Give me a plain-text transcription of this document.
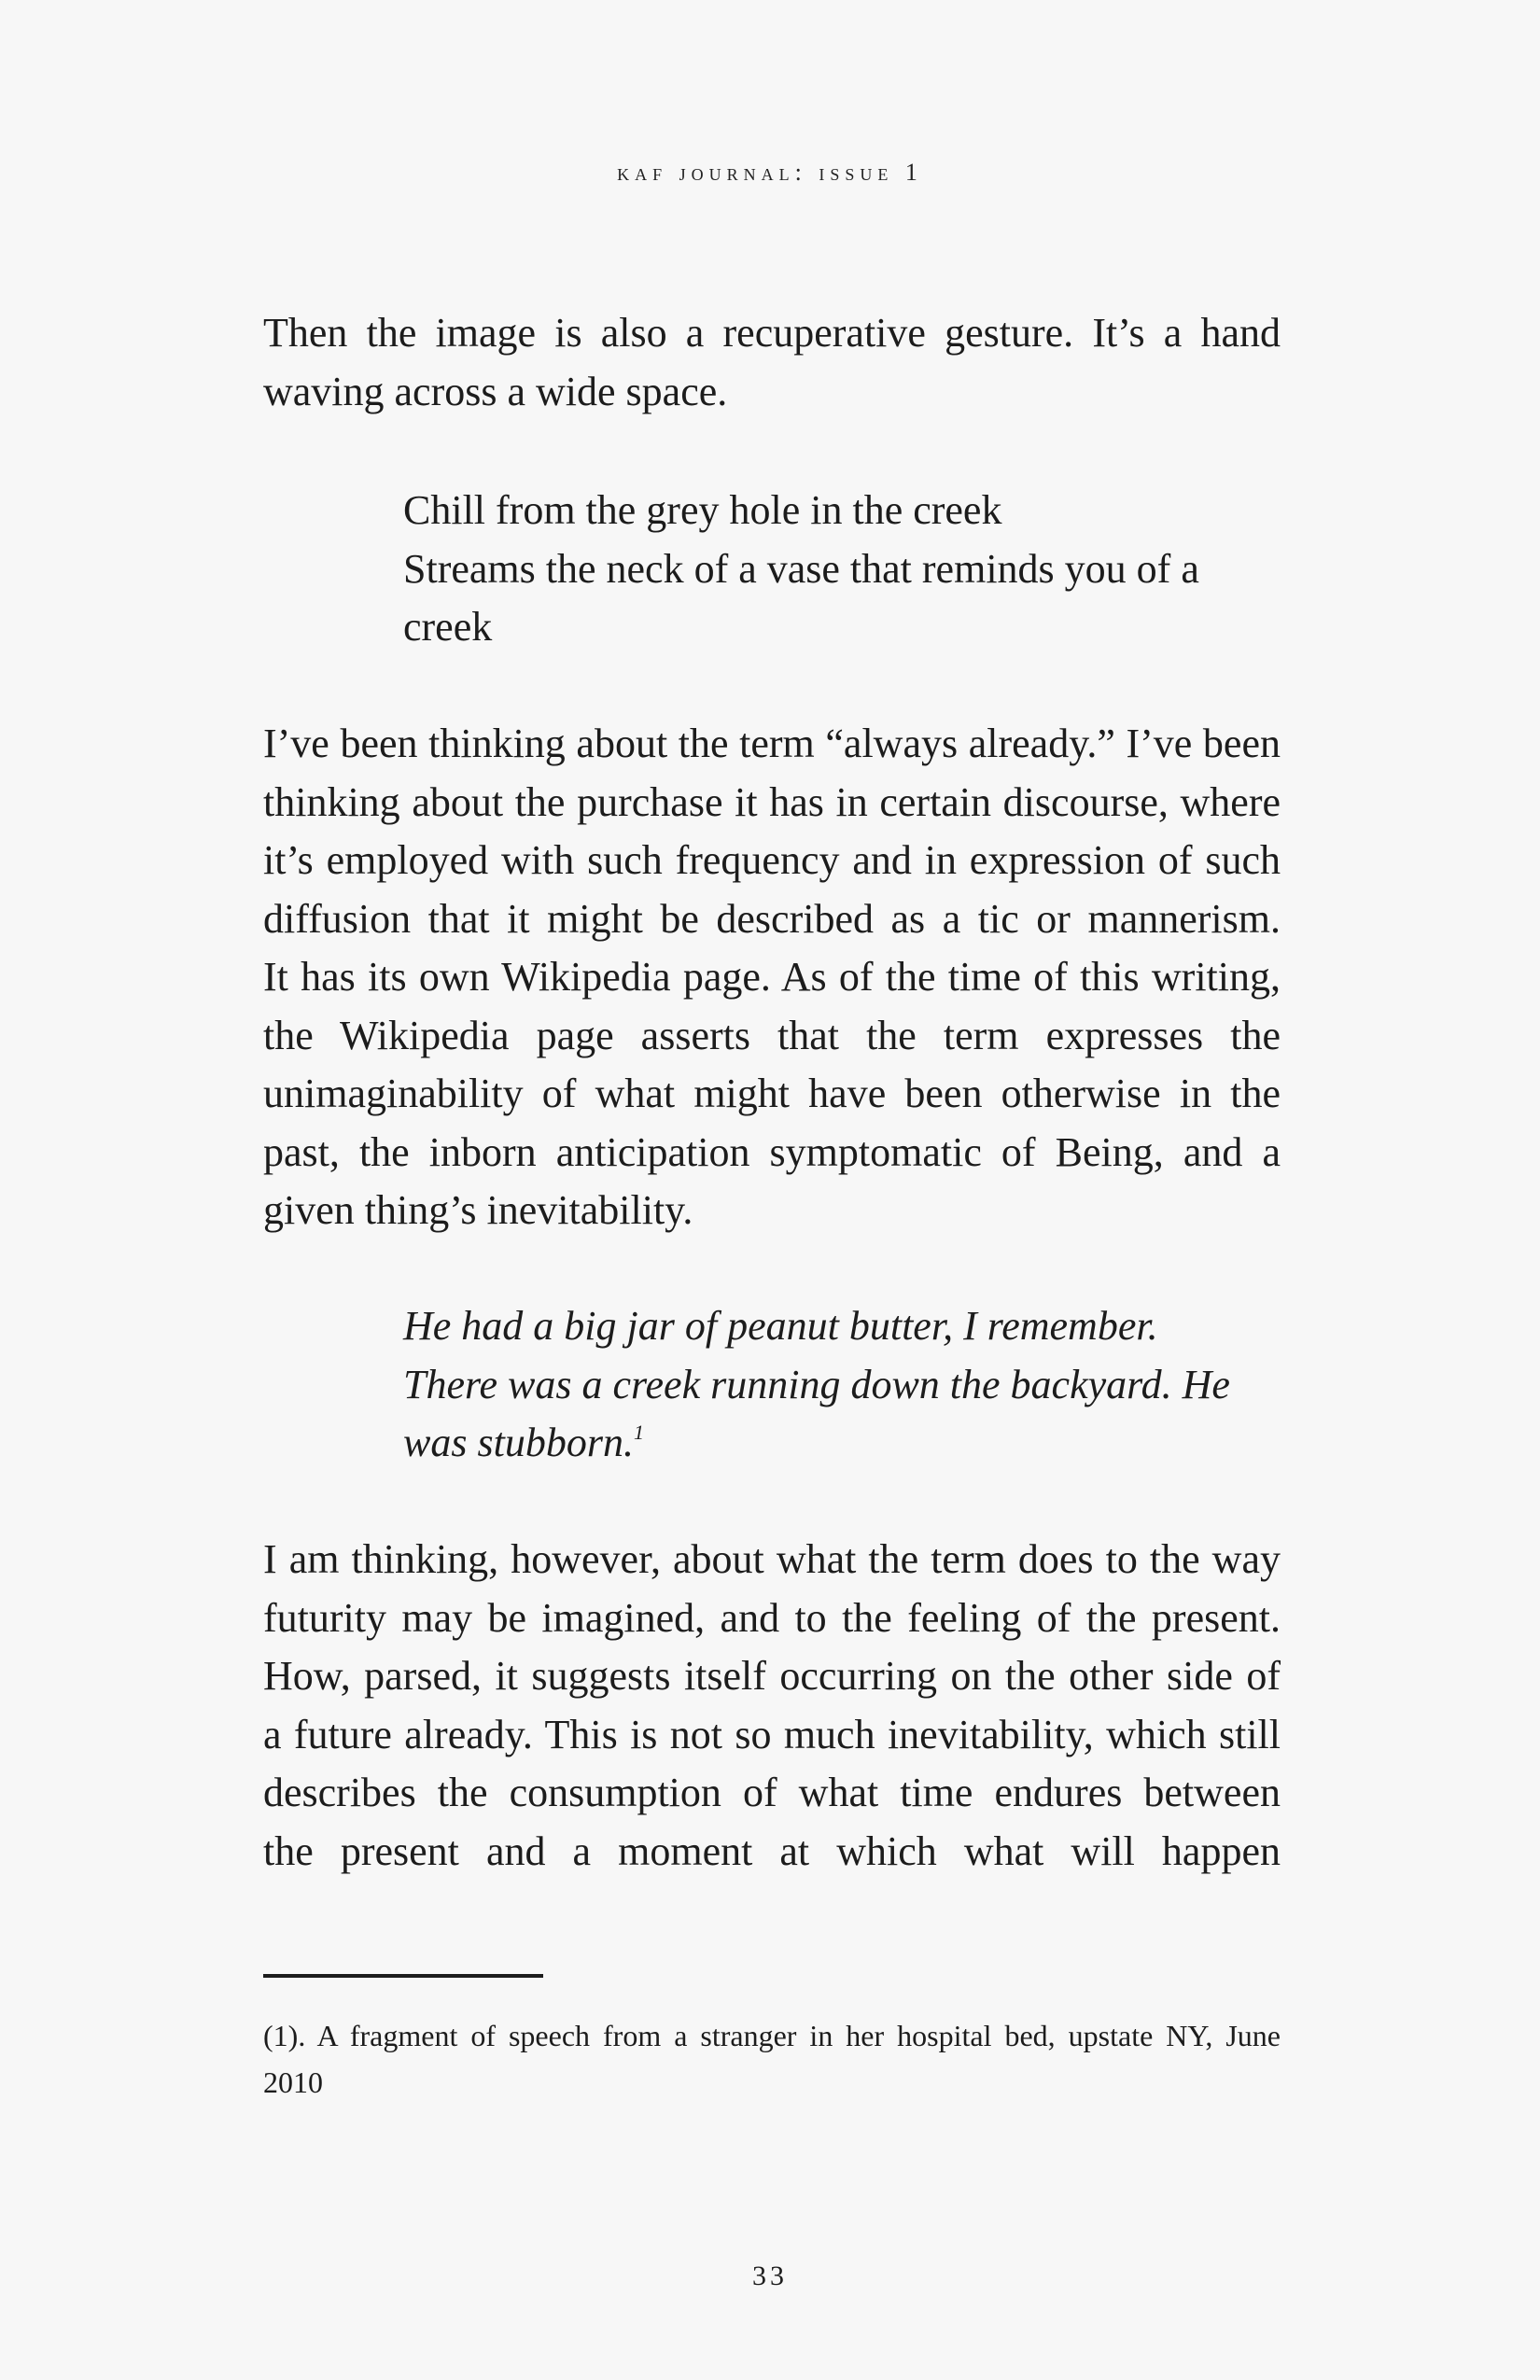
kaf journal: issue 1

Then the image is also a recuperative gesture. It’s a hand
waving across a wide space.

Chill from the grey hole in the creek
Streams the neck of a vase that reminds you of a
creek

I’ve been thinking about the term “always already.” I’ve been
thinking about the purchase it has in certain discourse, where
it’s employed with such frequency and in expression of such
diffusion that it might be described as a tic or mannerism.
It has its own Wikipedia page. As of the time of this writing,
the Wikipedia page asserts that the term expresses the
unimaginability of what might have been otherwise in the
past, the inborn anticipation symptomatic of Being, and a
given thing’s inevitability.

He had a big jar of peanut butter, I remember.
There was a creek running down the backyard. He
was stubborn.$^1$

I am thinking, however, about what the term does to the way
futurity may be imagined, and to the feeling of the present.
How, parsed, it suggests itself occurring on the other side of
a future already. This is not so much inevitability, which still
describes the consumption of what time endures between
the present and a moment at which what will happen

(1). A fragment of speech from a stranger in her hospital bed, upstate NY, June
2010
33
